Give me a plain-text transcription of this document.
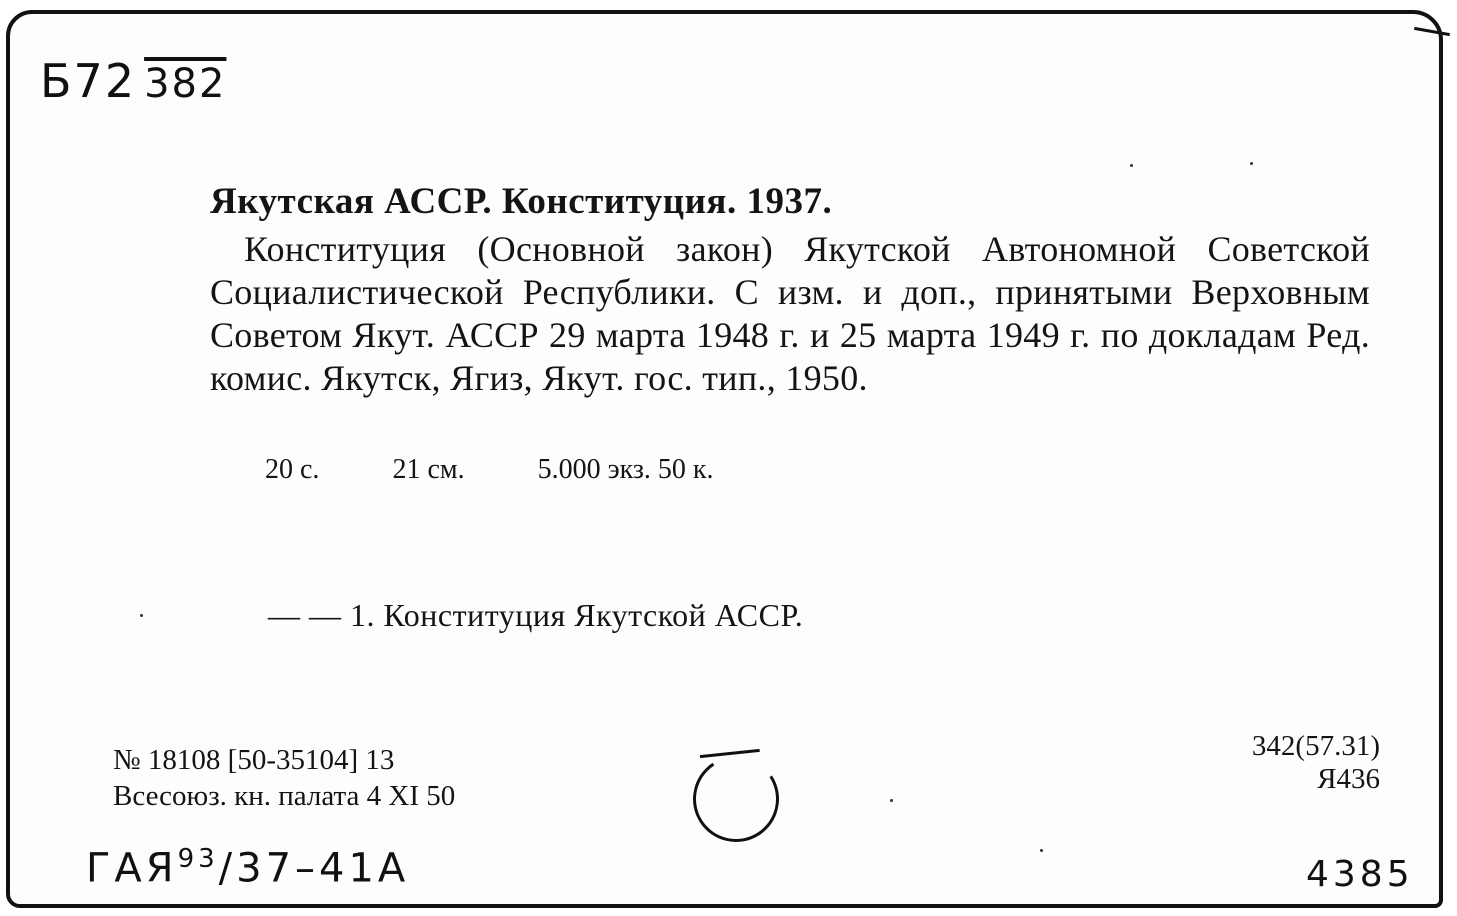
Б72 382
Якутская АССР. Конституция. 1937.
Конституция (Основной закон) Якутской Автономной Советской Социалистической Республики. С изм. и доп., принятыми Верховным Советом Якут. АССР 29 марта 1948 г. и 25 марта 1949 г. по докладам Ред. комис. Якутск, Ягиз, Якут. гос. тип., 1950.
20 с.	21 см.	5.000 экз. 50 к.
— — 1. Конституция Якутской АССР.
№ 18108 [50-35104] 13
Всесоюз. кн. палата 4 XI 50
342(57.31)
Я436
ГАЯ$^{93}$/37–41А	4385
